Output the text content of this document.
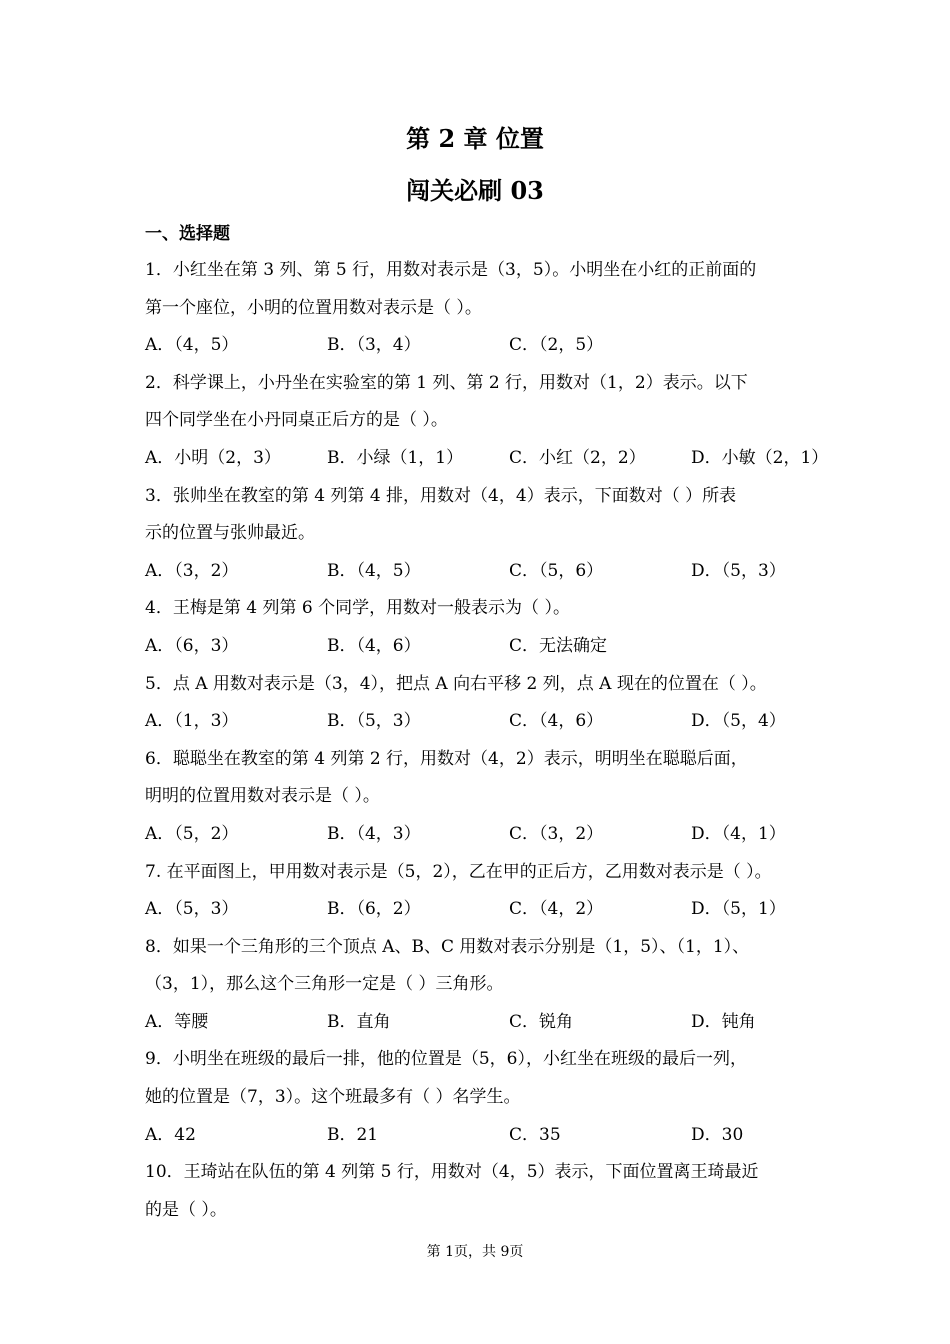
第 2 章 位置
闯关必刷 03
一、选择题
1．小红坐在第 3 列、第 5 行，用数对表示是（3，5）。小明坐在小红的正前面的
第一个座位，小明的位置用数对表示是（ ）。
A．（4，5）	B．（3，4）	C．（2，5）
2．科学课上，小丹坐在实验室的第 1 列、第 2 行，用数对（1，2）表示。以下
四个同学坐在小丹同桌正后方的是（ ）。
A．小明（2，3）	B．小绿（1，1）	C．小红（2，2）	D．小敏（2，1）
3．张帅坐在教室的第 4 列第 4 排，用数对（4，4）表示，下面数对（ ）所表
示的位置与张帅最近。
A．（3，2）	B．（4，5）	C．（5，6）	D．（5，3）
4．王梅是第 4 列第 6 个同学，用数对一般表示为（ ）。
A．（6，3）	B．（4，6）	C．无法确定
5．点 A 用数对表示是（3，4），把点 A 向右平移 2 列，点 A 现在的位置在（ ）。
A．（1，3）	B．（5，3）	C．（4，6）	D．（5，4）
6．聪聪坐在教室的第 4 列第 2 行，用数对（4，2）表示，明明坐在聪聪后面，
明明的位置用数对表示是（ ）。
A．（5，2）	B．（4，3）	C．（3，2）	D．（4，1）
7. 在平面图上，甲用数对表示是（5，2），乙在甲的正后方，乙用数对表示是（ ）。
A．（5，3）	B．（6，2）	C．（4，2）	D．（5，1）
8．如果一个三角形的三个顶点 A、B、C 用数对表示分别是（1，5）、（1，1）、
（3，1），那么这个三角形一定是（ ）三角形。
A．等腰	B．直角	C．锐角	D．钝角
9．小明坐在班级的最后一排，他的位置是（5，6），小红坐在班级的最后一列，
她的位置是（7，3）。这个班最多有（ ）名学生。
A．42	B．21	C．35	D．30
10．王琦站在队伍的第 4 列第 5 行，用数对（4，5）表示，下面位置离王琦最近
的是（ ）。
第 1页，共 9页
